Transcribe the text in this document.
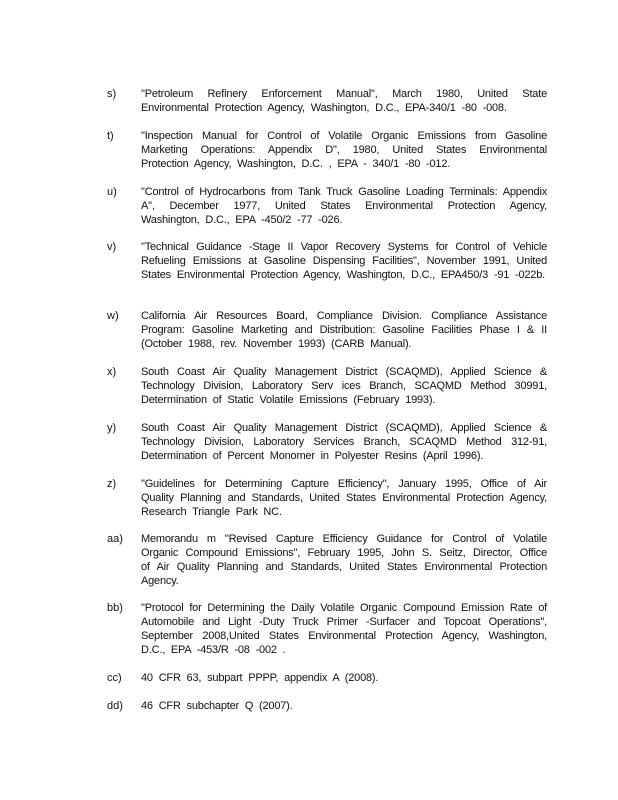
s)	"Petroleum Refinery Enforcement Manual", March 1980, United State Environmental Protection Agency, Washington, D.C., EPA-340/1 -80 -008.
t)	"Inspection Manual for Control of Volatile Organic Emissions from Gasoline Marketing Operations: Appendix D", 1980, United States Environmental Protection Agency, Washington, D.C. , EPA - 340/1 -80 -012.
u)	"Control of Hydrocarbons from Tank Truck Gasoline Loading Terminals: Appendix A", December 1977, United States Environmental Protection Agency, Washington, D.C., EPA -450/2 -77 -026.
v)	"Technical Guidance -Stage II Vapor Recovery Systems for Control of Vehicle Refueling Emissions at Gasoline Dispensing Facilities", November 1991, United States Environmental Protection Agency, Washington, D.C., EPA450/3 -91 -022b.
w)	California Air Resources Board, Compliance Division. Compliance Assistance Program: Gasoline Marketing and Distribution: Gasoline Facilities Phase I & II (October 1988, rev. November 1993) (CARB Manual).
x)	South Coast Air Quality Management District (SCAQMD), Applied Science & Technology Division, Laboratory Serv ices Branch, SCAQMD Method 30991, Determination of Static Volatile Emissions (February 1993).
y)	South Coast Air Quality Management District (SCAQMD), Applied Science & Technology Division, Laboratory Services Branch, SCAQMD Method 312-91, Determination of Percent Monomer in Polyester Resins (April 1996).
z)	"Guidelines for Determining Capture Efficiency", January 1995, Office of Air Quality Planning and Standards, United States Environmental Protection Agency, Research Triangle Park NC.
aa)	Memorandu m "Revised Capture Efficiency Guidance for Control of Volatile Organic Compound Emissions", February 1995, John S. Seitz, Director, Office of Air Quality Planning and Standards, United States Environmental Protection Agency.
bb)	"Protocol for Determining the Daily Volatile Organic Compound Emission Rate of Automobile and Light -Duty Truck Primer -Surfacer and Topcoat Operations", September 2008,United States Environmental Protection Agency, Washington, D.C., EPA -453/R -08 -002 .
cc)	40 CFR 63, subpart PPPP, appendix A (2008).
dd)	46 CFR subchapter Q (2007).
